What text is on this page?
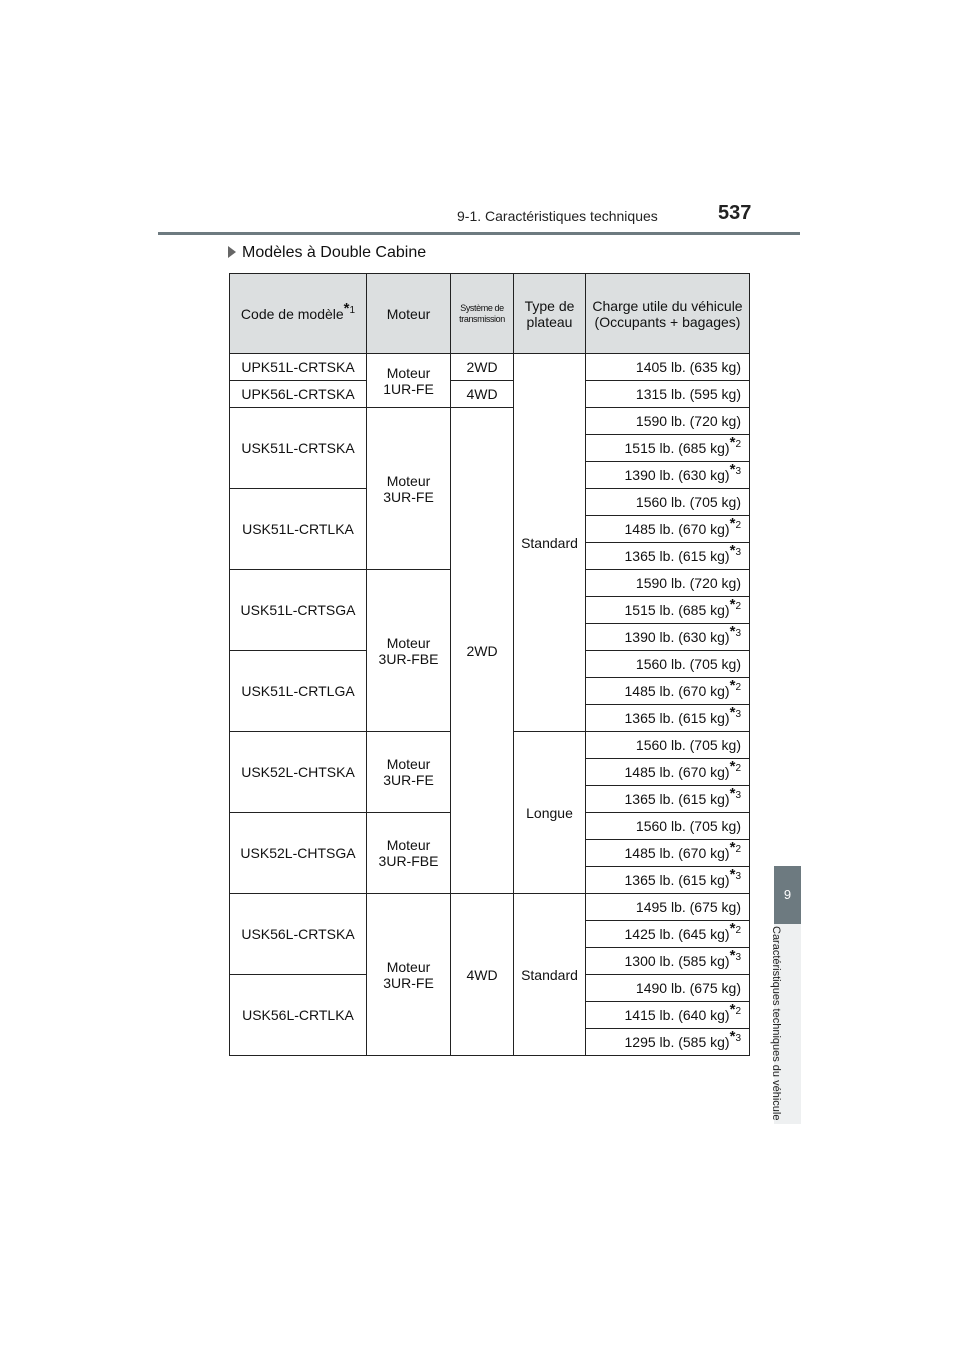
9-1. Caractéristiques techniques	537
Modèles à Double Cabine
9
Caractéristiques techniques du véhicule
Code de modèle$^{*1}$	Moteur	Système de transmission	Type de plateau	Charge utile du véhicule (Occupants + bagages)
UPK51L-CRTSKA	Moteur 1UR-FE	2WD	Standard	1405 lb. (635 kg)
UPK56L-CRTSKA		4WD		1315 lb. (595 kg)
USK51L-CRTSKA	Moteur 3UR-FE	2WD		1590 lb. (720 kg)
				1515 lb. (685 kg)$^{*2}$
				1390 lb. (630 kg)$^{*3}$
USK51L-CRTLKA				1560 lb. (705 kg)
				1485 lb. (670 kg)$^{*2}$
				1365 lb. (615 kg)$^{*3}$
USK51L-CRTSGA	Moteur 3UR-FBE			1590 lb. (720 kg)
				1515 lb. (685 kg)$^{*2}$
				1390 lb. (630 kg)$^{*3}$
USK51L-CRTLGA				1560 lb. (705 kg)
				1485 lb. (670 kg)$^{*2}$
				1365 lb. (615 kg)$^{*3}$
USK52L-CHTSKA	Moteur 3UR-FE		Longue	1560 lb. (705 kg)
				1485 lb. (670 kg)$^{*2}$
				1365 lb. (615 kg)$^{*3}$
USK52L-CHTSGA	Moteur 3UR-FBE			1560 lb. (705 kg)
				1485 lb. (670 kg)$^{*2}$
				1365 lb. (615 kg)$^{*3}$
USK56L-CRTSKA	Moteur 3UR-FE	4WD	Standard	1495 lb. (675 kg)
				1425 lb. (645 kg)$^{*2}$
				1300 lb. (585 kg)$^{*3}$
USK56L-CRTLKA				1490 lb. (675 kg)
				1415 lb. (640 kg)$^{*2}$
				1295 lb. (585 kg)$^{*3}$
